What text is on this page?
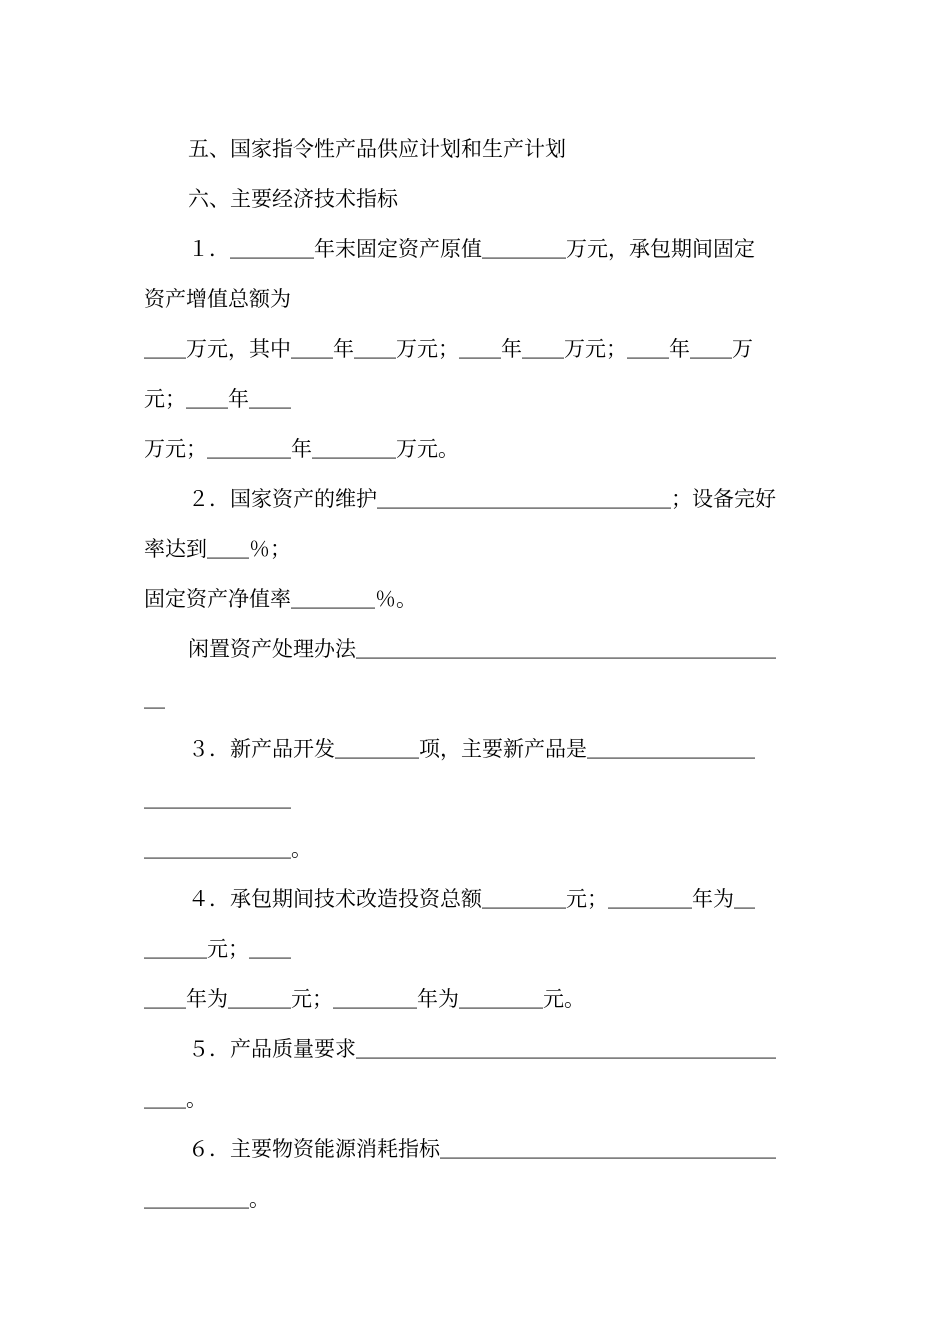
五、国家指令性产品供应计划和生产计划
六、主要经济技术指标
１．＿＿＿＿年末固定资产原值＿＿＿＿万元，承包期间固定
资产增值总额为
＿＿万元，其中＿＿年＿＿万元；＿＿年＿＿万元；＿＿年＿＿万
元；＿＿年＿＿
万元；＿＿＿＿年＿＿＿＿万元。
２．国家资产的维护＿＿＿＿＿＿＿＿＿＿＿＿＿＿；设备完好
率达到＿＿％；
固定资产净值率＿＿＿＿％。
闲置资产处理办法＿＿＿＿＿＿＿＿＿＿＿＿＿＿＿＿＿＿＿＿
＿
３．新产品开发＿＿＿＿项，主要新产品是＿＿＿＿＿＿＿＿
＿＿＿＿＿＿＿
＿＿＿＿＿＿＿。
４．承包期间技术改造投资总额＿＿＿＿元；＿＿＿＿年为＿
＿＿＿元；＿＿
＿＿年为＿＿＿元；＿＿＿＿年为＿＿＿＿元。
５．产品质量要求＿＿＿＿＿＿＿＿＿＿＿＿＿＿＿＿＿＿＿＿
＿＿。
６．主要物资能源消耗指标＿＿＿＿＿＿＿＿＿＿＿＿＿＿＿＿
＿＿＿＿＿。
